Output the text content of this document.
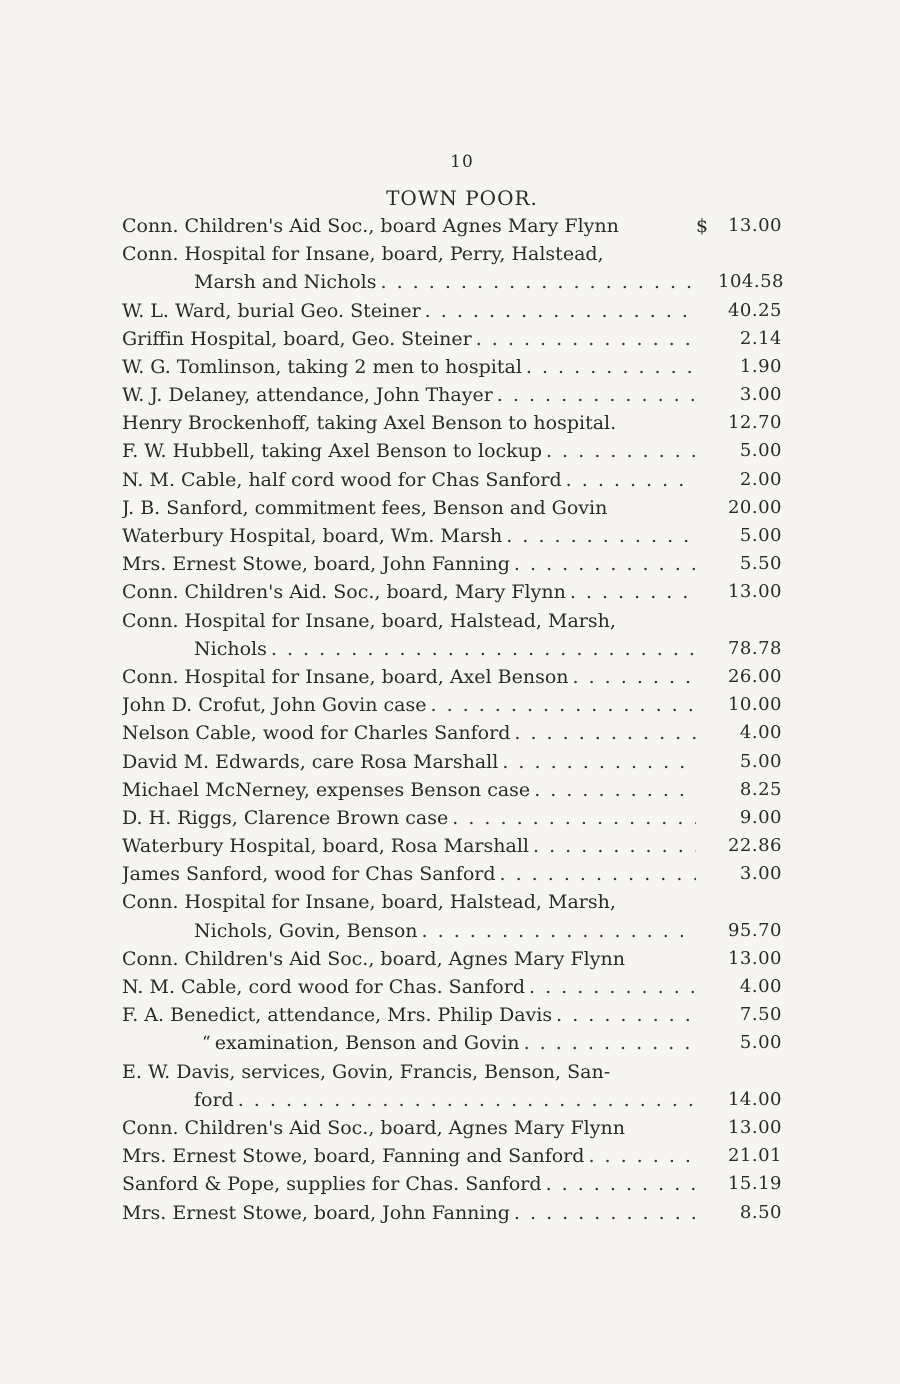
10
TOWN POOR.
Conn. Children's Aid Soc., board Agnes Mary Flynn	$	13.00
Conn. Hospital for Insane, board, Perry, Halstead,
Marsh and Nichols . . .	104.58
W. L. Ward, burial Geo. Steiner . . .	40.25
Griffin Hospital, board, Geo. Steiner . . .	2.14
W. G. Tomlinson, taking 2 men to hospital . . .	1.90
W. J. Delaney, attendance, John Thayer . . .	3.00
Henry Brockenhoff, taking Axel Benson to hospital.	12.70
F. W. Hubbell, taking Axel Benson to lockup . . .	5.00
N. M. Cable, half cord wood for Chas Sanford . . .	2.00
J. B. Sanford, commitment fees, Benson and Govin	20.00
Waterbury Hospital, board, Wm. Marsh . . .	5.00
Mrs. Ernest Stowe, board, John Fanning . . .	5.50
Conn. Children's Aid. Soc., board, Mary Flynn . . .	13.00
Conn. Hospital for Insane, board, Halstead, Marsh,
Nichols . . .	78.78
Conn. Hospital for Insane, board, Axel Benson . . .	26.00
John D. Crofut, John Govin case . . .	10.00
Nelson Cable, wood for Charles Sanford . . .	4.00
David M. Edwards, care Rosa Marshall . . .	5.00
Michael McNerney, expenses Benson case . . .	8.25
D. H. Riggs, Clarence Brown case . . .	9.00
Waterbury Hospital, board, Rosa Marshall . . .	22.86
James Sanford, wood for Chas Sanford . . .	3.00
Conn. Hospital for Insane, board, Halstead, Marsh,
Nichols, Govin, Benson . . .	95.70
Conn. Children's Aid Soc., board, Agnes Mary Flynn	13.00
N. M. Cable, cord wood for Chas. Sanford . . .	4.00
F. A. Benedict, attendance, Mrs. Philip Davis . . .	7.50
“ examination, Benson and Govin . . .	5.00
E. W. Davis, services, Govin, Francis, Benson, San-
ford . . .	14.00
Conn. Children's Aid Soc., board, Agnes Mary Flynn	13.00
Mrs. Ernest Stowe, board, Fanning and Sanford . . .	21.01
Sanford & Pope, supplies for Chas. Sanford . . .	15.19
Mrs. Ernest Stowe, board, John Fanning . . .	8.50
